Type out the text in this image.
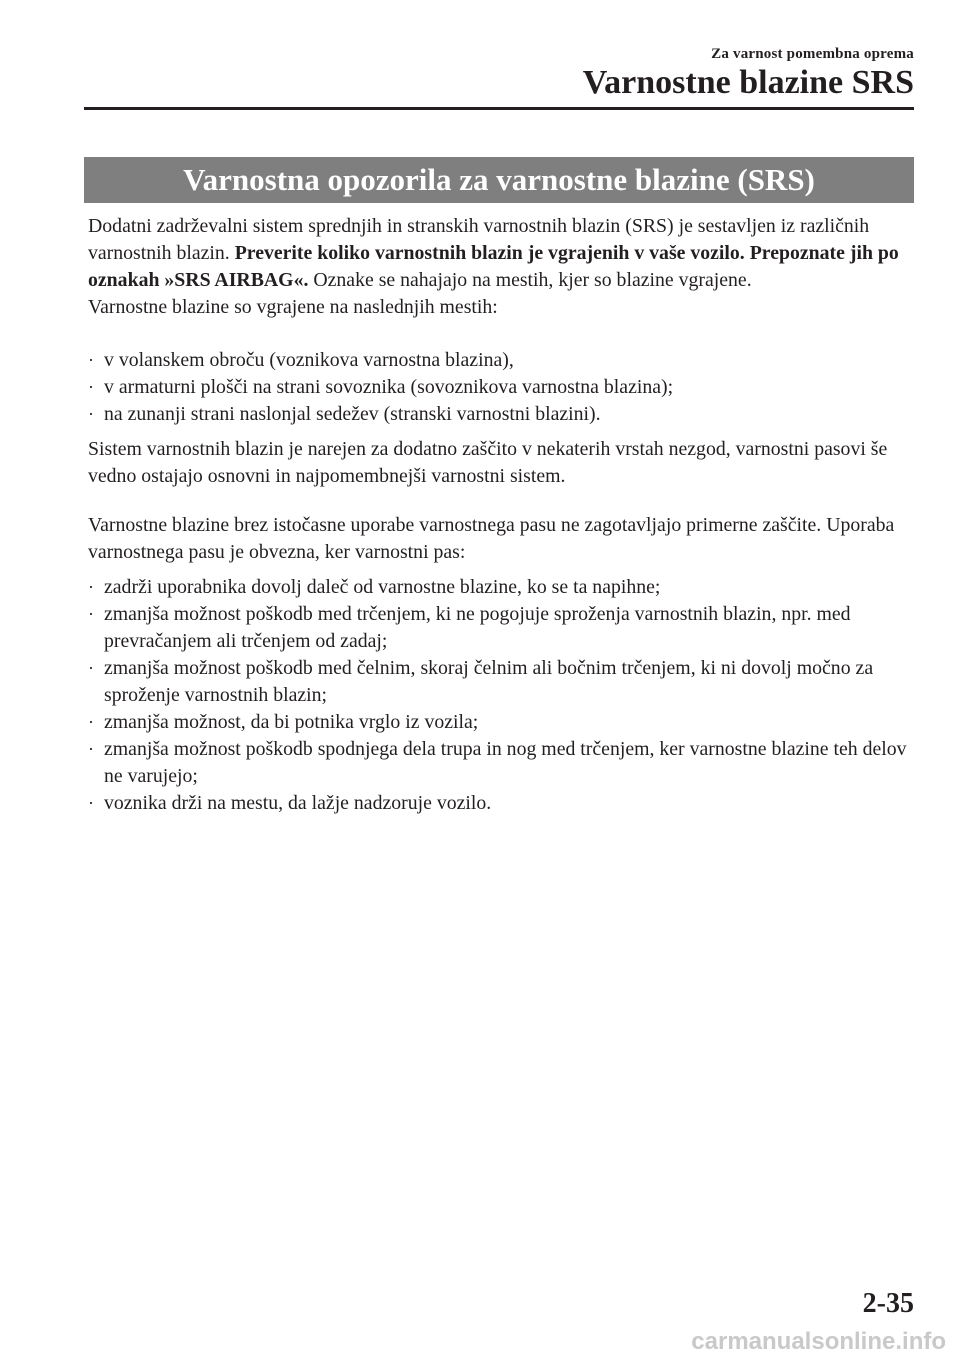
Za varnost pomembna oprema
Varnostne blazine SRS
Varnostna opozorila za varnostne blazine (SRS)

Dodatni zadrževalni sistem sprednjih in stranskih varnostnih blazin (SRS) je sestavljen iz različnih varnostnih blazin. Preverite koliko varnostnih blazin je vgrajenih v vaše vozilo. Prepoznate jih po oznakah »SRS AIRBAG«. Oznake se nahajajo na mestih, kjer so blazine vgrajene.

Varnostne blazine so vgrajene na naslednjih mestih:

· v volanskem obroču (voznikova varnostna blazina),
· v armaturni plošči na strani sovoznika (sovoznikova varnostna blazina);
· na zunanji strani naslonjal sedežev (stranski varnostni blazini).

Sistem varnostnih blazin je narejen za dodatno zaščito v nekaterih vrstah nezgod, varnostni pasovi še vedno ostajajo osnovni in najpomembnejši varnostni sistem.

Varnostne blazine brez istočasne uporabe varnostnega pasu ne zagotavljajo primerne zaščite. Uporaba varnostnega pasu je obvezna, ker varnostni pas:

· zadrži uporabnika dovolj daleč od varnostne blazine, ko se ta napihne;
· zmanjša možnost poškodb med trčenjem, ki ne pogojuje sproženja varnostnih blazin, npr. med prevračanjem ali trčenjem od zadaj;
· zmanjša možnost poškodb med čelnim, skoraj čelnim ali bočnim trčenjem, ki ni dovolj močno za sproženje varnostnih blazin;
· zmanjša možnost, da bi potnika vrglo iz vozila;
· zmanjša možnost poškodb spodnjega dela trupa in nog med trčenjem, ker varnostne blazine teh delov ne varujejo;
· voznika drži na mestu, da lažje nadzoruje vozilo.
2-35
carmanualsonline.info
